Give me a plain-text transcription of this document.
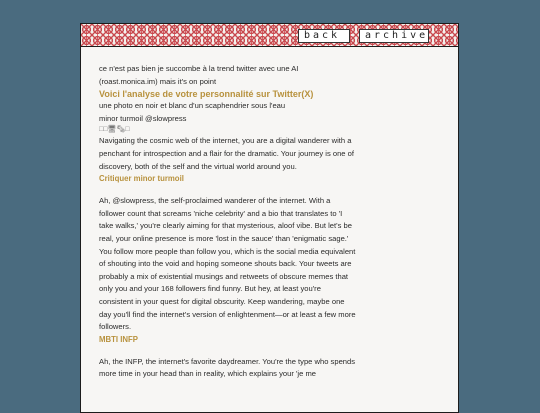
back	archive

ce n'est pas bien je succombe à la trend twitter avec une AI (roast.monica.im) mais it's on point

Voici l'analyse de votre personnalité sur Twitter(X)

une photo en noir et blanc d'un scaphendrier sous l'eau

minor turmoil @slowpress

□□🖥🗞□

Navigating the cosmic web of the internet, you are a digital wanderer with a penchant for introspection and a flair for the dramatic. Your journey is one of discovery, both of the self and the virtual world around you.

Critiquer minor turmoil

Ah, @slowpress, the self-proclaimed wanderer of the internet. With a follower count that screams 'niche celebrity' and a bio that translates to 'I take walks,' you're clearly aiming for that mysterious, aloof vibe. But let's be real, your online presence is more 'lost in the sauce' than 'enigmatic sage.' You follow more people than follow you, which is the social media equivalent of shouting into the void and hoping someone shouts back. Your tweets are probably a mix of existential musings and retweets of obscure memes that only you and your 168 followers find funny. But hey, at least you're consistent in your quest for digital obscurity. Keep wandering, maybe one day you'll find the internet's version of enlightenment—or at least a few more followers.

MBTI INFP

Ah, the INFP, the internet's favorite daydreamer. You're the type who spends more time in your head than in reality, which explains your 'je me
